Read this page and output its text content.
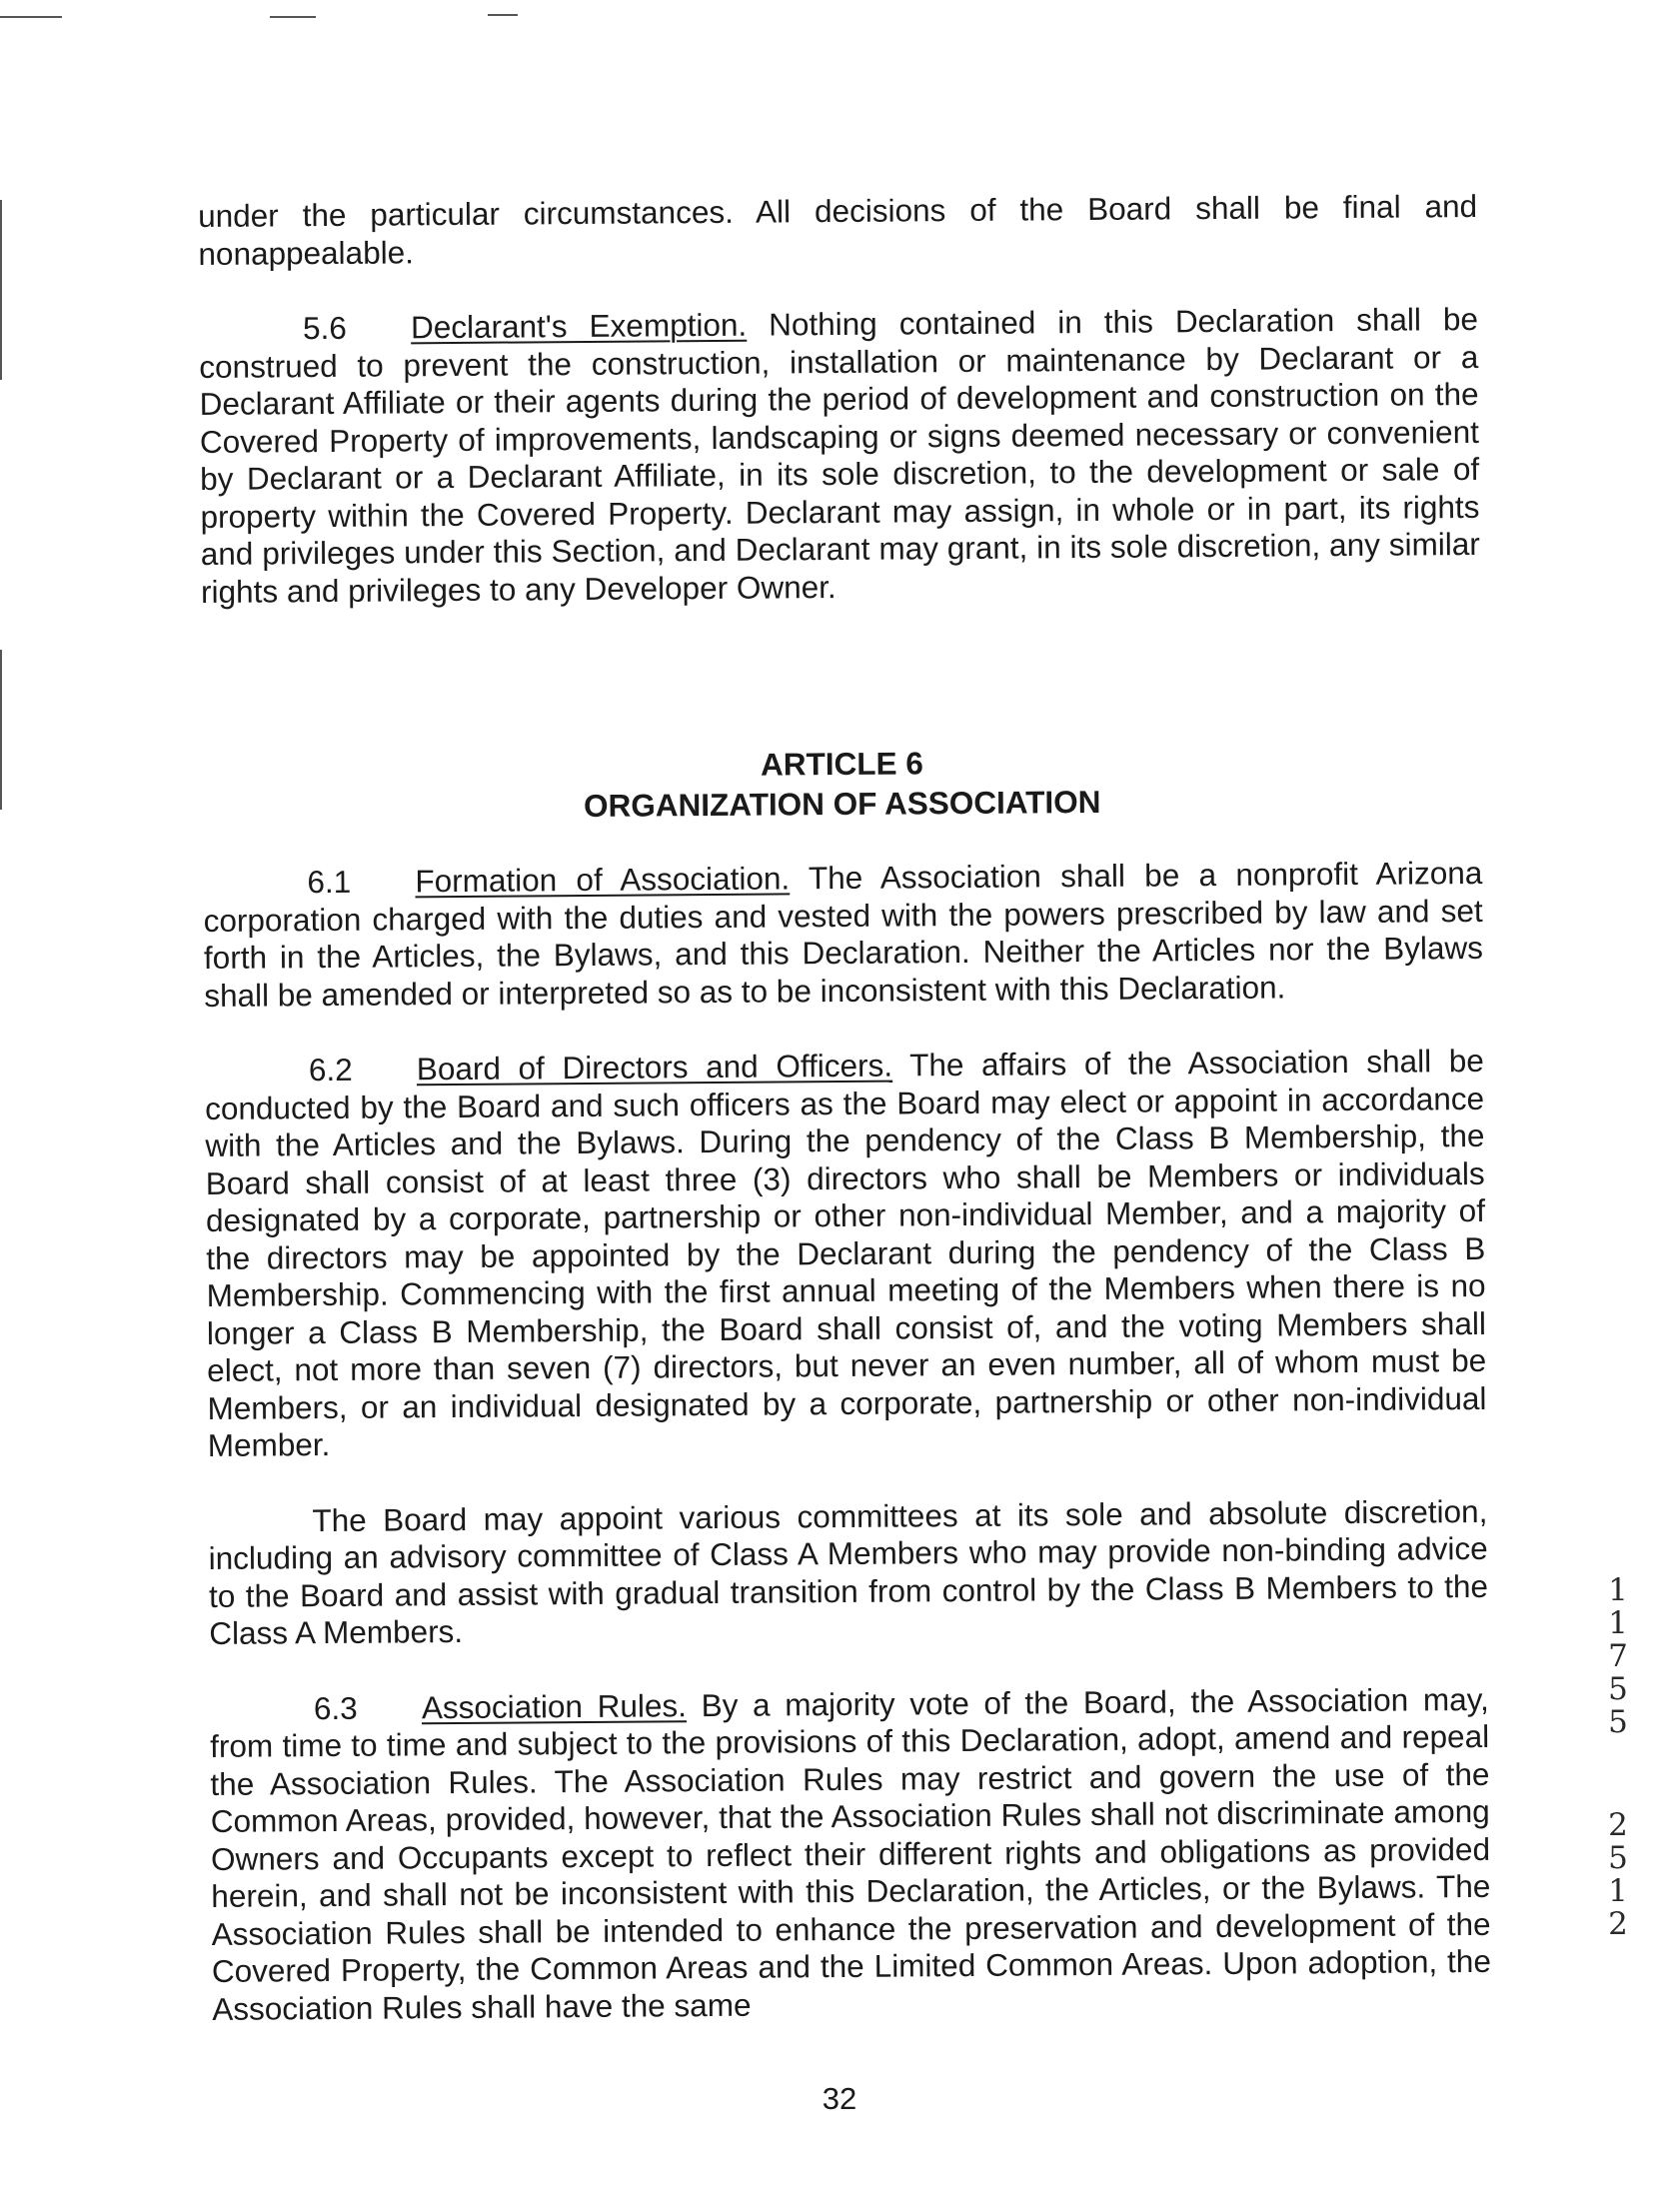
under the particular circumstances. All decisions of the Board shall be final and nonappealable.

5.6 Declarant's Exemption. Nothing contained in this Declaration shall be construed to prevent the construction, installation or maintenance by Declarant or a Declarant Affiliate or their agents during the period of development and construction on the Covered Property of improvements, landscaping or signs deemed necessary or convenient by Declarant or a Declarant Affiliate, in its sole discretion, to the development or sale of property within the Covered Property. Declarant may assign, in whole or in part, its rights and privileges under this Section, and Declarant may grant, in its sole discretion, any similar rights and privileges to any Developer Owner.

ARTICLE 6
ORGANIZATION OF ASSOCIATION

6.1 Formation of Association. The Association shall be a nonprofit Arizona corporation charged with the duties and vested with the powers prescribed by law and set forth in the Articles, the Bylaws, and this Declaration. Neither the Articles nor the Bylaws shall be amended or interpreted so as to be inconsistent with this Declaration.

6.2 Board of Directors and Officers. The affairs of the Association shall be conducted by the Board and such officers as the Board may elect or appoint in accordance with the Articles and the Bylaws. During the pendency of the Class B Membership, the Board shall consist of at least three (3) directors who shall be Members or individuals designated by a corporate, partnership or other non-individual Member, and a majority of the directors may be appointed by the Declarant during the pendency of the Class B Membership. Commencing with the first annual meeting of the Members when there is no longer a Class B Membership, the Board shall consist of, and the voting Members shall elect, not more than seven (7) directors, but never an even number, all of whom must be Members, or an individual designated by a corporate, partnership or other non-individual Member.

The Board may appoint various committees at its sole and absolute discretion, including an advisory committee of Class A Members who may provide non-binding advice to the Board and assist with gradual transition from control by the Class B Members to the Class A Members.

6.3 Association Rules. By a majority vote of the Board, the Association may, from time to time and subject to the provisions of this Declaration, adopt, amend and repeal the Association Rules. The Association Rules may restrict and govern the use of the Common Areas, provided, however, that the Association Rules shall not discriminate among Owners and Occupants except to reflect their different rights and obligations as provided herein, and shall not be inconsistent with this Declaration, the Articles, or the Bylaws. The Association Rules shall be intended to enhance the preservation and development of the Covered Property, the Common Areas and the Limited Common Areas. Upon adoption, the Association Rules shall have the same

11755
2512
32
